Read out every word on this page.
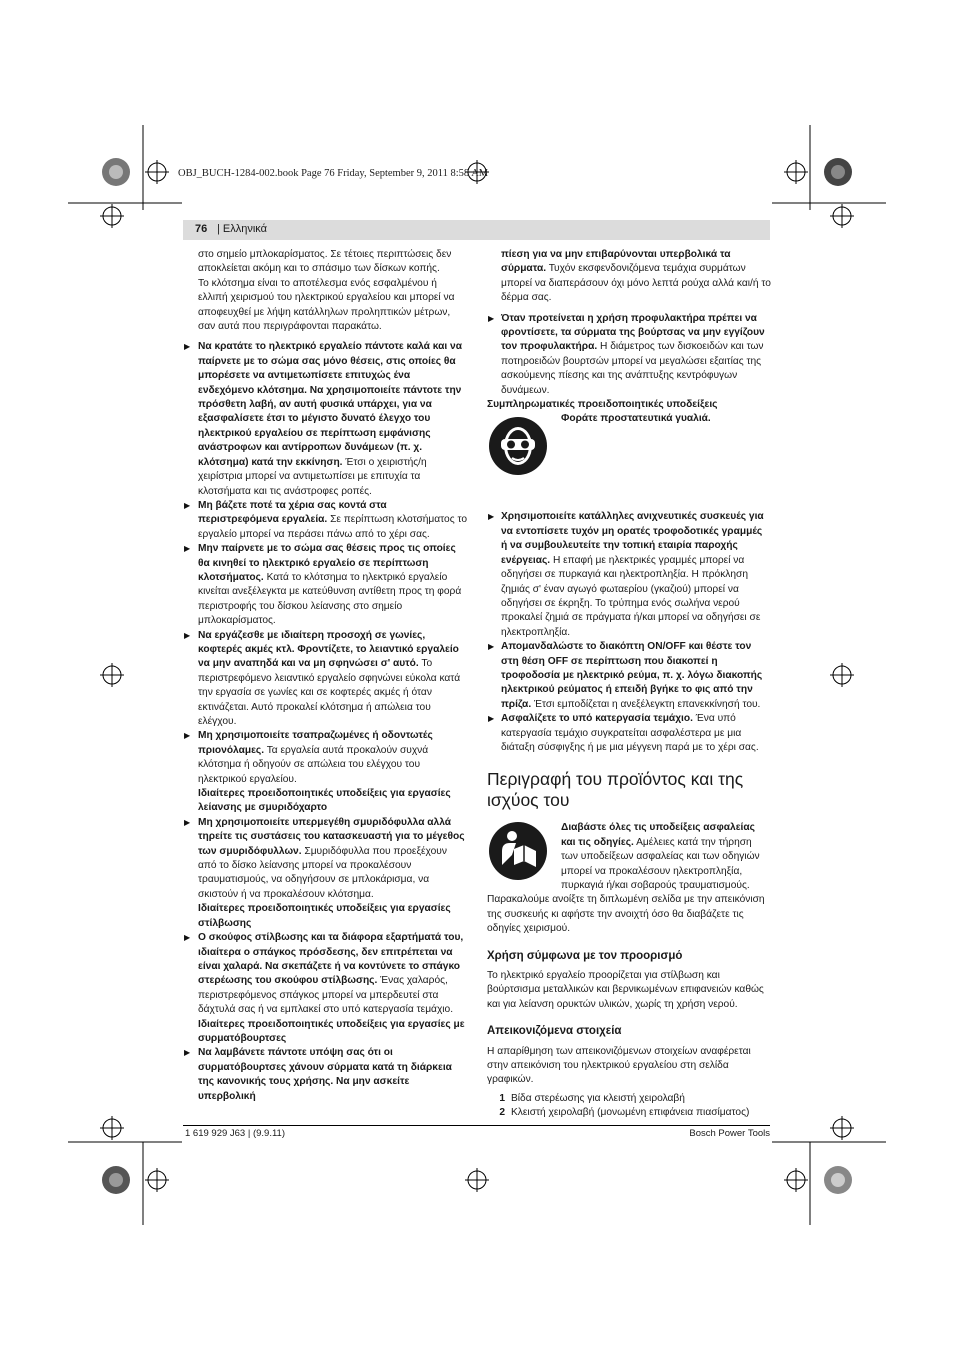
OBJ_BUCH-1284-002.book Page 76 Friday, September 9, 2011 8:58 AM
76 | Ελληνικά

στο σημείο μπλοκαρίσματος. Σε τέτοιες περιπτώσεις δεν αποκλείεται ακόμη και το σπάσιμο των δίσκων κοπής.

Το κλότσημα είναι το αποτέλεσμα ενός εσφαλμένου ή ελλιπή χειρισμού του ηλεκτρικού εργαλείου και μπορεί να αποφευχθεί με λήψη κατάλληλων προληπτικών μέτρων, σαν αυτά που περιγράφονται παρακάτω.

▶ Να κρατάτε το ηλεκτρικό εργαλείο πάντοτε καλά και να παίρνετε με το σώμα σας μόνο θέσεις, στις οποίες θα μπορέσετε να αντιμετωπίσετε επιτυχώς ένα ενδεχόμενο κλότσημα. Να χρησιμοποιείτε πάντοτε την πρόσθετη λαβή, αν αυτή φυσικά υπάρχει, για να εξασφαλίσετε έτσι το μέγιστο δυνατό έλεγχο του ηλεκτρικού εργαλείου σε περίπτωση εμφάνισης ανάστροφων και αντίρροπων δυνάμεων (π. χ. κλότσημα) κατά την εκκίνηση. Έτσι ο χειριστής/η χειρίστρια μπορεί να αντιμετωπίσει με επιτυχία τα κλοτσήματα και τις ανάστροφες ροπές.

▶ Μη βάζετε ποτέ τα χέρια σας κοντά στα περιστρεφόμενα εργαλεία. Σε περίπτωση κλοτσήματος το εργαλείο μπορεί να περάσει πάνω από το χέρι σας.

▶ Μην παίρνετε με το σώμα σας θέσεις προς τις οποίες θα κινηθεί το ηλεκτρικό εργαλείο σε περίπτωση κλοτσήματος. Κατά το κλότσημα το ηλεκτρικό εργαλείο κινείται ανεξέλεγκτα με κατεύθυνση αντίθετη προς τη φορά περιστροφής του δίσκου λείανσης στο σημείο μπλοκαρίσματος.

▶ Να εργάζεσθε με ιδιαίτερη προσοχή σε γωνίες, κοφτερές ακμές κτλ. Φροντίζετε, το λειαντικό εργαλείο να μην αναπηδά και να μη σφηνώσει σ' αυτό. Το περιστρεφόμενο λειαντικό εργαλείο σφηνώνει εύκολα κατά την εργασία σε γωνίες και σε κοφτερές ακμές ή όταν εκτινάζεται. Αυτό προκαλεί κλότσημα ή απώλεια του ελέγχου.

▶ Μη χρησιμοποιείτε τσαπραζωμένες ή οδοντωτές πριονόλαμες. Τα εργαλεία αυτά προκαλούν συχνά κλότσημα ή οδηγούν σε απώλεια του ελέγχου του ηλεκτρικού εργαλείου.

Ιδιαίτερες προειδοποιητικές υποδείξεις για εργασίες λείανσης με σμυριδόχαρτο

▶ Μη χρησιμοποιείτε υπερμεγέθη σμυριδόφυλλα αλλά τηρείτε τις συστάσεις του κατασκευαστή για το μέγεθος των σμυριδόφυλλων. Σμυριδόφυλλα που προεξέχουν από το δίσκο λείανσης μπορεί να προκαλέσουν τραυματισμούς, να οδηγήσουν σε μπλοκάρισμα, να σκιστούν ή να προκαλέσουν κλότσημα.

Ιδιαίτερες προειδοποιητικές υποδείξεις για εργασίες στίλβωσης

▶ Ο σκούφος στίλβωσης και τα διάφορα εξαρτήματά του, ιδιαίτερα ο σπάγκος πρόσδεσης, δεν επιτρέπεται να είναι χαλαρά. Να σκεπάζετε ή να κοντύνετε το σπάγκο στερέωσης του σκούφου στίλβωσης. Ένας χαλαρός, περιστρεφόμενος σπάγκος μπορεί να μπερδευτεί στα δάχτυλά σας ή να εμπλακεί στο υπό κατεργασία τεμάχιο.

Ιδιαίτερες προειδοποιητικές υποδείξεις για εργασίες με συρματόβουρτσες

▶ Να λαμβάνετε πάντοτε υπόψη σας ότι οι συρματόβουρτσες χάνουν σύρματα κατά τη διάρκεια της κανονικής τους χρήσης. Να μην ασκείτε υπερβολική

πίεση για να μην επιβαρύνονται υπερβολικά τα σύρματα. Τυχόν εκσφενδονιζόμενα τεμάχια συρμάτων μπορεί να διαπεράσουν όχι μόνο λεπτά ρούχα αλλά και/ή το δέρμα σας.

▶ Όταν προτείνεται η χρήση προφυλακτήρα πρέπει να φροντίσετε, τα σύρματα της βούρτσας να μην εγγίζουν τον προφυλακτήρα. Η διάμετρος των δισκοειδών και των ποτηροειδών βουρτσών μπορεί να μεγαλώσει εξαιτίας της ασκούμενης πίεσης και της ανάπτυξης κεντρόφυγων δυνάμεων.

Συμπληρωματικές προειδοποιητικές υποδείξεις

Φοράτε προστατευτικά γυαλιά.

▶ Χρησιμοποιείτε κατάλληλες ανιχνευτικές συσκευές για να εντοπίσετε τυχόν μη ορατές τροφοδοτικές γραμμές ή να συμβουλευτείτε την τοπική εταιρία παροχής ενέργειας. Η επαφή με ηλεκτρικές γραμμές μπορεί να οδηγήσει σε πυρκαγιά και ηλεκτροπληξία. Η πρόκληση ζημιάς σ' έναν αγωγό φωταερίου (γκαζιού) μπορεί να οδηγήσει σε έκρηξη. Το τρύπημα ενός σωλήνα νερού προκαλεί ζημιά σε πράγματα ή/και μπορεί να οδηγήσει σε ηλεκτροπληξία.

▶ Απομανδαλώστε το διακόπτη ON/OFF και θέστε τον στη θέση OFF σε περίπτωση που διακοπεί η τροφοδοσία με ηλεκτρικό ρεύμα, π. χ. λόγω διακοπής ηλεκτρικού ρεύματος ή επειδή βγήκε το φις από την πρίζα. Έτσι εμποδίζεται η ανεξέλεγκτη επανεκκίνησή του.

▶ Ασφαλίζετε το υπό κατεργασία τεμάχιο. Ένα υπό κατεργασία τεμάχιο συγκρατείται ασφαλέστερα με μια διάταξη σύσφιγξης ή με μια μέγγενη παρά με το χέρι σας.

Περιγραφή του προϊόντος και της ισχύος του

Διαβάστε όλες τις υποδείξεις ασφαλείας και τις οδηγίες. Αμέλειες κατά την τήρηση των υποδείξεων ασφαλείας και των οδηγιών μπορεί να προκαλέσουν ηλεκτροπληξία, πυρκαγιά ή/και σοβαρούς τραυματισμούς.

Παρακαλούμε ανοίξτε τη διπλωμένη σελίδα με την απεικόνιση της συσκευής κι αφήστε την ανοιχτή όσο θα διαβάζετε τις οδηγίες χειρισμού.

Χρήση σύμφωνα με τον προορισμό

Το ηλεκτρικό εργαλείο προορίζεται για στίλβωση και βούρτσισμα μεταλλικών και βερνικωμένων επιφανειών καθώς και για λείανση ορυκτών υλικών, χωρίς τη χρήση νερού.

Απεικονιζόμενα στοιχεία

Η απαρίθμηση των απεικονιζόμενων στοιχείων αναφέρεται στην απεικόνιση του ηλεκτρικού εργαλείου στη σελίδα γραφικών.

1 Βίδα στερέωσης για κλειστή χειρολαβή
2 Κλειστή χειρολαβή (μονωμένη επιφάνεια πιασίματος)
1 619 929 J63 | (9.9.11)	Bosch Power Tools
